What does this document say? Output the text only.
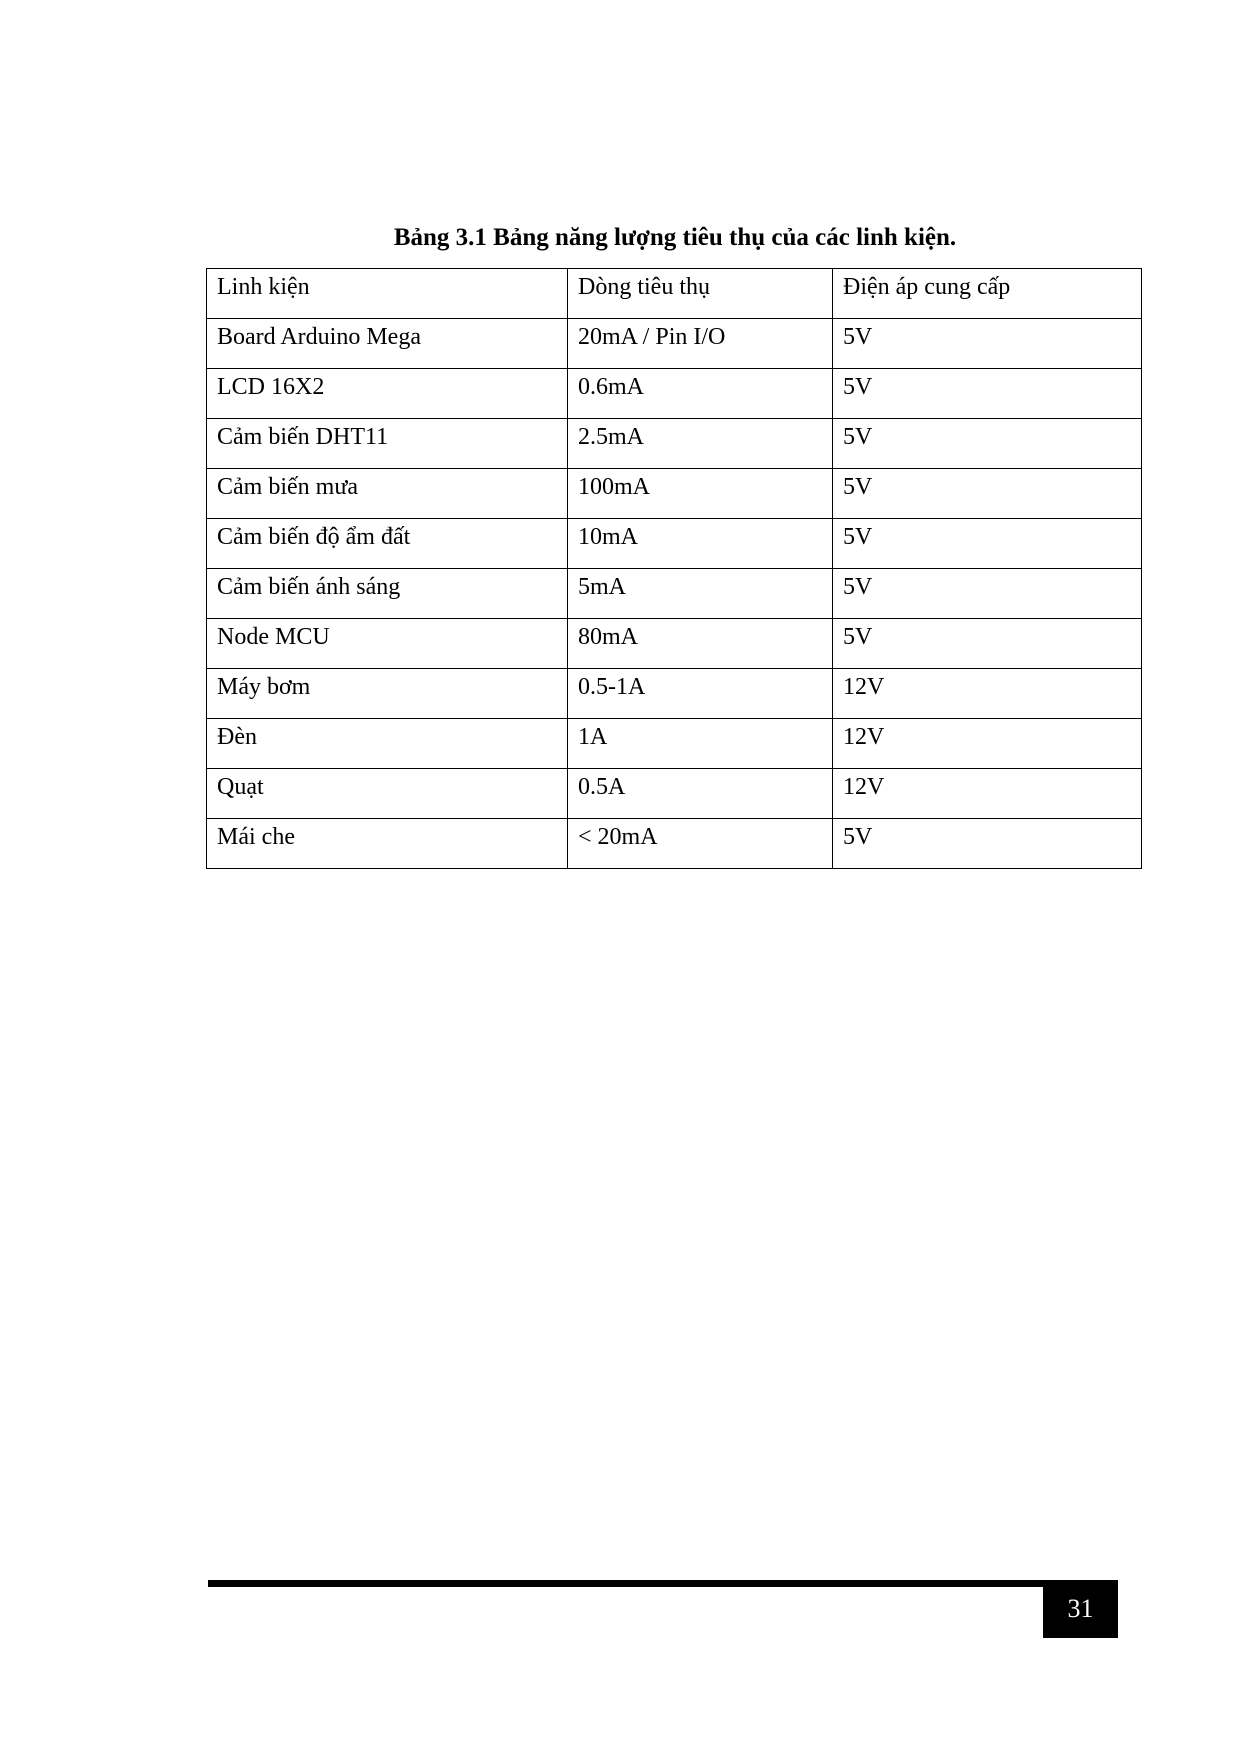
Bảng 3.1 Bảng năng lượng tiêu thụ của các linh kiện.
Linh kiện	Dòng tiêu thụ	Điện áp cung cấp
Board Arduino Mega	20mA / Pin I/O	5V
LCD 16X2	0.6mA	5V
Cảm biến DHT11	2.5mA	5V
Cảm biến mưa	100mA	5V
Cảm biến độ ẩm đất	10mA	5V
Cảm biến ánh sáng	5mA	5V
Node MCU	80mA	5V
Máy bơm	0.5-1A	12V
Đèn	1A	12V
Quạt	0.5A	12V
Mái che	< 20mA	5V
31
